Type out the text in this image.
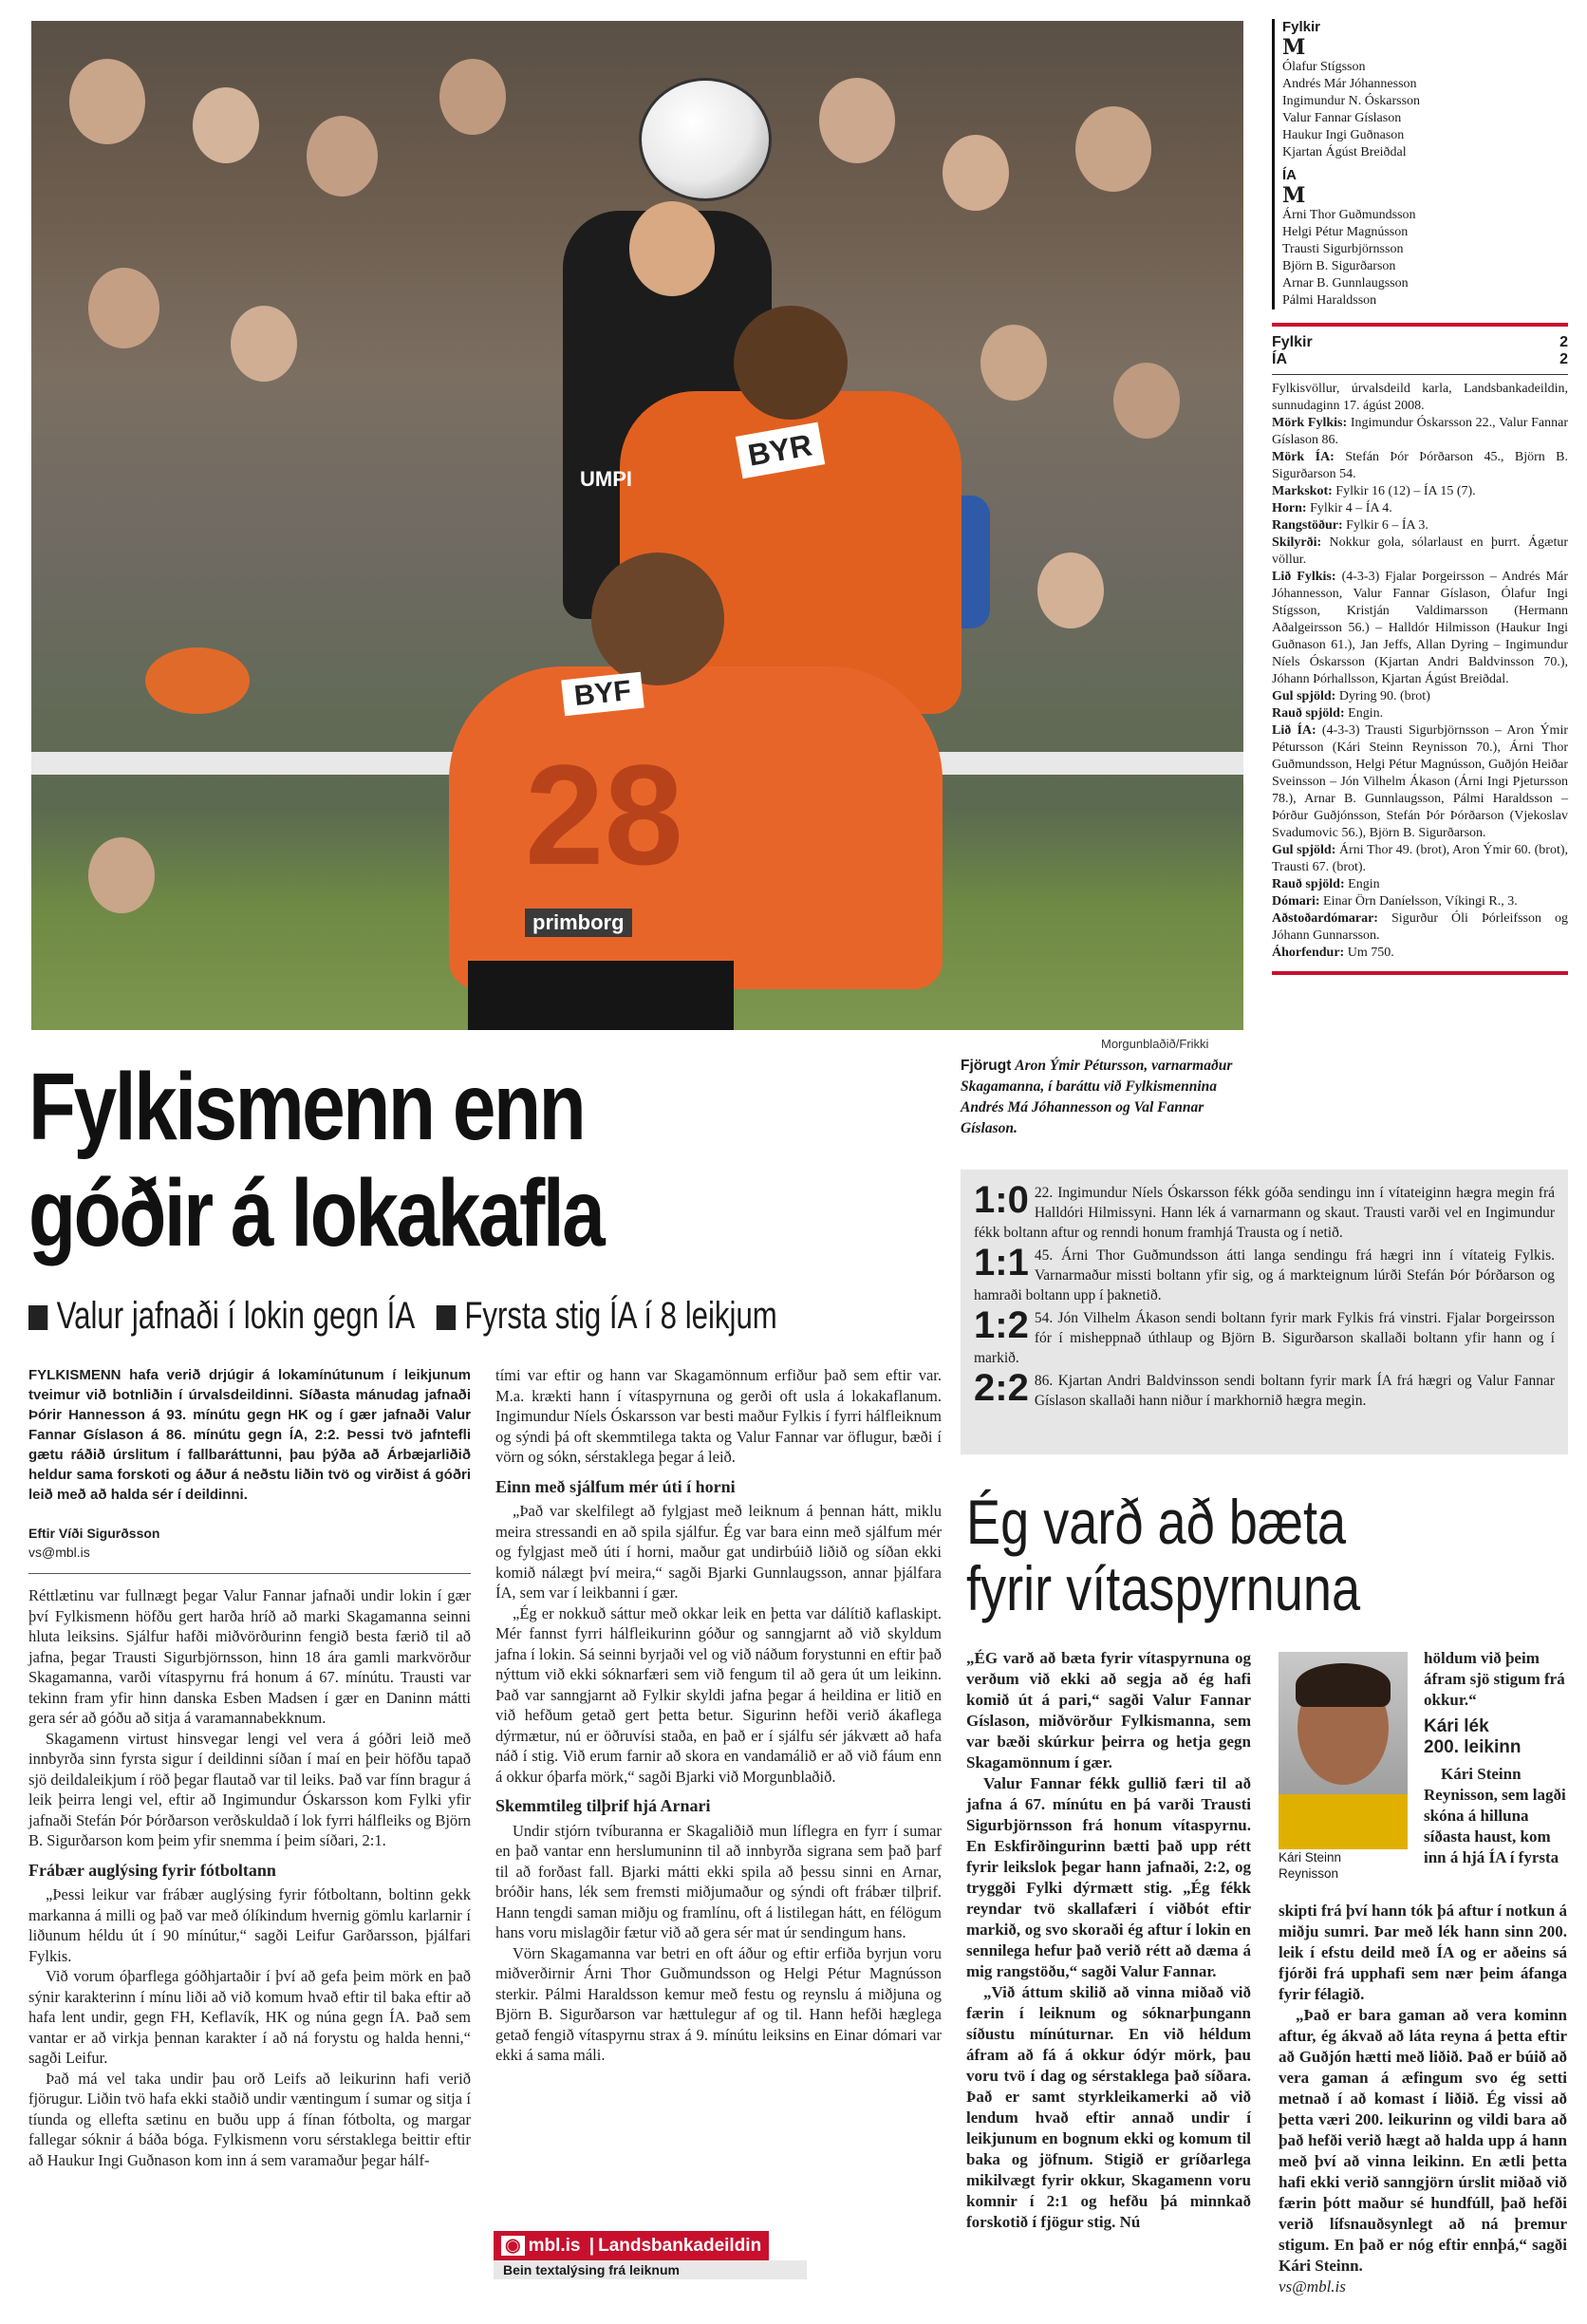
BYR
BYF
28
UMPI
primborg
Morgunblaðið/Frikki
Fjörugt Aron Ýmir Pétursson, varnarmaður Skagamanna, í baráttu við Fylkismennina Andrés Má Jóhannesson og Val Fannar Gíslason.
Fylkismenn enn
góðir á lokakafla
Valur jafnaði í lokin gegn ÍA Fyrsta stig ÍA í 8 leikjum

FYLKISMENN hafa verið drjúgir á lokamínútunum í leikjunum tveimur við botnliðin í úrvalsdeildinni. Síðasta mánudag jafnaði Þórir Hannesson á 93. mínútu gegn HK og í gær jafnaði Valur Fannar Gíslason á 86. mínútu gegn ÍA, 2:2. Þessi tvö jafntefli gætu ráðið úrslitum í fallbaráttunni, þau þýða að Árbæjarliðið heldur sama forskoti og áður á neðstu liðin tvö og virðist á góðri leið með að halda sér í deildinni.

Eftir Víði Sigurðsson

vs@mbl.is

Réttlætinu var fullnægt þegar Valur Fannar jafnaði undir lokin í gær því Fylkismenn höfðu gert harða hríð að marki Skagamanna seinni hluta leiksins. Sjálfur hafði miðvörðurinn fengið besta færið til að jafna, þegar Trausti Sigurbjörnsson, hinn 18 ára gamli markvörður Skagamanna, varði vítaspyrnu frá honum á 67. mínútu. Trausti var tekinn fram yfir hinn danska Esben Madsen í gær en Daninn mátti gera sér að góðu að sitja á varamannabekknum.

Skagamenn virtust hinsvegar lengi vel vera á góðri leið með innbyrða sinn fyrsta sigur í deildinni síðan í maí en þeir höfðu tapað sjö deildaleikjum í röð þegar flautað var til leiks. Það var fínn bragur á leik þeirra lengi vel, eftir að Ingimundur Óskarsson kom Fylki yfir jafnaði Stefán Þór Þórðarson verðskuldað í lok fyrri hálfleiks og Björn B. Sigurðarson kom þeim yfir snemma í þeim síðari, 2:1.

Frábær auglýsing fyrir fótboltann

„Þessi leikur var frábær auglýsing fyrir fótboltann, boltinn gekk markanna á milli og það var með ólíkindum hvernig gömlu karlarnir í liðunum héldu út í 90 mínútur,“ sagði Leifur Garðarsson, þjálfari Fylkis.

Við vorum óþarflega góðhjartaðir í því að gefa þeim mörk en það sýnir karakterinn í mínu liði að við komum hvað eftir til baka eftir að hafa lent undir, gegn FH, Keflavík, HK og núna gegn ÍA. Það sem vantar er að virkja þennan karakter í að ná forystu og halda henni,“ sagði Leifur.

Það má vel taka undir þau orð Leifs að leikurinn hafi verið fjörugur. Liðin tvö hafa ekki staðið undir væntingum í sumar og sitja í tíunda og ellefta sætinu en buðu upp á fínan fótbolta, og margar fallegar sóknir á báða bóga. Fylkismenn voru sérstaklega beittir eftir að Haukur Ingi Guðnason kom inn á sem varamaður þegar hálf-

tími var eftir og hann var Skagamönnum erfiður það sem eftir var. M.a. krækti hann í vítaspyrnuna og gerði oft usla á lokakaflanum. Ingimundur Níels Óskarsson var besti maður Fylkis í fyrri hálfleiknum og sýndi þá oft skemmtilega takta og Valur Fannar var öflugur, bæði í vörn og sókn, sérstaklega þegar á leið.

Einn með sjálfum mér úti í horni

„Það var skelfilegt að fylgjast með leiknum á þennan hátt, miklu meira stressandi en að spila sjálfur. Ég var bara einn með sjálfum mér og fylgjast með úti í horni, maður gat undirbúið liðið og síðan ekki komið nálægt því meira,“ sagði Bjarki Gunnlaugsson, annar þjálfara ÍA, sem var í leikbanni í gær.

„Ég er nokkuð sáttur með okkar leik en þetta var dálítið kaflaskipt. Mér fannst fyrri hálfleikurinn góður og sanngjarnt að við skyldum jafna í lokin. Sá seinni byrjaði vel og við náðum forystunni en eftir það nýttum við ekki sóknarfæri sem við fengum til að gera út um leikinn. Það var sanngjarnt að Fylkir skyldi jafna þegar á heildina er litið en við hefðum getað gert þetta betur. Sigurinn hefði verið ákaflega dýrmætur, nú er öðruvísi staða, en það er í sjálfu sér jákvætt að hafa náð í stig. Við erum farnir að skora en vandamálið er að við fáum enn á okkur óþarfa mörk,“ sagði Bjarki við Morgunblaðið.

Skemmtileg tilþrif hjá Arnari

Undir stjórn tvíburanna er Skagaliðið mun líflegra en fyrr í sumar en það vantar enn herslumuninn til að innbyrða sigrana sem það þarf til að forðast fall. Bjarki mátti ekki spila að þessu sinni en Arnar, bróðir hans, lék sem fremsti miðjumaður og sýndi oft frábær tilþrif. Hann tengdi saman miðju og framlínu, oft á listilegan hátt, en félögum hans voru mislagðir fætur við að gera sér mat úr sendingum hans.

Vörn Skagamanna var betri en oft áður og eftir erfiða byrjun voru miðverðirnir Árni Thor Guðmundsson og Helgi Pétur Magnússon sterkir. Pálmi Haraldsson kemur með festu og reynslu á miðjuna og Björn B. Sigurðarson var hættulegur af og til. Hann hefði hæglega getað fengið vítaspyrnu strax á 9. mínútu leiksins en Einar dómari var ekki á sama máli.

◉ mbl.is | Landsbankadeildin
Bein textalýsing frá leiknum
Fylkir
M
Ólafur Stígsson
Andrés Már Jóhannesson
Ingimundur N. Óskarsson
Valur Fannar Gíslason
Haukur Ingi Guðnason
Kjartan Ágúst Breiðdal
ÍA
M
Árni Thor Guðmundsson
Helgi Pétur Magnússon
Trausti Sigurbjörnsson
Björn B. Sigurðarson
Arnar B. Gunnlaugsson
Pálmi Haraldsson
Fylkir	2
ÍA	2

Fylkisvöllur, úrvalsdeild karla, Landsbankadeildin, sunnudaginn 17. ágúst 2008.

Mörk Fylkis: Ingimundur Óskarsson 22., Valur Fannar Gíslason 86.

Mörk ÍA: Stefán Þór Þórðarson 45., Björn B. Sigurðarson 54.

Markskot: Fylkir 16 (12) – ÍA 15 (7).

Horn: Fylkir 4 – ÍA 4.

Rangstöður: Fylkir 6 – ÍA 3.

Skilyrði: Nokkur gola, sólarlaust en þurrt. Ágætur völlur.

Lið Fylkis: (4-3-3) Fjalar Þorgeirsson – Andrés Már Jóhannesson, Valur Fannar Gíslason, Ólafur Ingi Stígsson, Kristján Valdimarsson (Hermann Aðalgeirsson 56.) – Halldór Hilmisson (Haukur Ingi Guðnason 61.), Jan Jeffs, Allan Dyring – Ingimundur Níels Óskarsson (Kjartan Andri Baldvinsson 70.), Jóhann Þórhallsson, Kjartan Ágúst Breiðdal.

Gul spjöld: Dyring 90. (brot)

Rauð spjöld: Engin.

Lið ÍA: (4-3-3) Trausti Sigurbjörnsson – Aron Ýmir Pétursson (Kári Steinn Reynisson 70.), Árni Thor Guðmundsson, Helgi Pétur Magnússon, Guðjón Heiðar Sveinsson – Jón Vilhelm Ákason (Árni Ingi Pjetursson 78.), Arnar B. Gunnlaugsson, Pálmi Haraldsson – Þórður Guðjónsson, Stefán Þór Þórðarson (Vjekoslav Svadumovic 56.), Björn B. Sigurðarson.

Gul spjöld: Árni Thor 49. (brot), Aron Ýmir 60. (brot), Trausti 67. (brot).

Rauð spjöld: Engin

Dómari: Einar Örn Daníelsson, Víkingi R., 3.

Aðstoðardómarar: Sigurður Óli Þórleifsson og Jóhann Gunnarsson.

Áhorfendur: Um 750.

1:0 22. Ingimundur Níels Óskarsson fékk góða sendingu inn í vítateiginn hægra megin frá Halldóri Hilmissyni. Hann lék á varnarmann og skaut. Trausti varði vel en Ingimundur fékk boltann aftur og renndi honum framhjá Trausta og í netið.
1:1 45. Árni Thor Guðmundsson átti langa sendingu frá hægri inn í vítateig Fylkis. Varnarmaður missti boltann yfir sig, og á markteignum lúrði Stefán Þór Þórðarson og hamraði boltann upp í þaknetið.
1:2 54. Jón Vilhelm Ákason sendi boltann fyrir mark Fylkis frá vinstri. Fjalar Þorgeirsson fór í misheppnað úthlaup og Björn B. Sigurðarson skallaði boltann yfir hann og í markið.
2:2 86. Kjartan Andri Baldvinsson sendi boltann fyrir mark ÍA frá hægri og Valur Fannar Gíslason skallaði hann niður í markhornið hægra megin.
Ég varð að bæta
fyrir vítaspyrnuna

„ÉG varð að bæta fyrir vítaspyrnuna og verðum við ekki að segja að ég hafi komið út á pari,“ sagði Valur Fannar Gíslason, miðvörður Fylkismanna, sem var bæði skúrkur þeirra og hetja gegn Skagamönnum í gær.

Valur Fannar fékk gullið færi til að jafna á 67. mínútu en þá varði Trausti Sigurbjörnsson frá honum vítaspyrnu. En Eskfirðingurinn bætti það upp rétt fyrir leikslok þegar hann jafnaði, 2:2, og tryggði Fylki dýrmætt stig. „Ég fékk reyndar tvö skallafæri í viðbót eftir markið, og svo skoraði ég aftur í lokin en sennilega hefur það verið rétt að dæma á mig rangstöðu,“ sagði Valur Fannar.

„Við áttum skilið að vinna miðað við færin í leiknum og sóknarþungann síðustu mínúturnar. En við héldum áfram að fá á okkur ódýr mörk, þau voru tvö í dag og sérstaklega það síðara. Það er samt styrkleikamerki að við lendum hvað eftir annað undir í leikjunum en bognum ekki og komum til baka og jöfnum. Stigið er gríðarlega mikilvægt fyrir okkur, Skagamenn voru komnir í 2:1 og hefðu þá minnkað forskotið í fjögur stig. Nú

Kári Steinn
Reynisson

höldum við þeim áfram sjö stigum frá okkur.“

Kári lék

200. leikinn

Kári Steinn Reynisson, sem lagði skóna á hilluna síðasta haust, kom inn á hjá ÍA í fyrsta

skipti frá því hann tók þá aftur í notkun á miðju sumri. Þar með lék hann sinn 200. leik í efstu deild með ÍA og er aðeins sá fjórði frá upphafi sem nær þeim áfanga fyrir félagið.

„Það er bara gaman að vera kominn aftur, ég ákvað að láta reyna á þetta eftir að Guðjón hætti með liðið. Það er búið að vera gaman á æfingum svo ég setti metnað í að komast í liðið. Ég vissi að þetta væri 200. leikurinn og vildi bara að það hefði verið hægt að halda upp á hann með því að vinna leikinn. En ætli þetta hafi ekki verið sanngjörn úrslit miðað við færin þótt maður sé hundfúll, það hefði verið lífsnauðsynlegt að ná þremur stigum. En það er nóg eftir ennþá,“ sagði Kári Steinn.

vs@mbl.is
